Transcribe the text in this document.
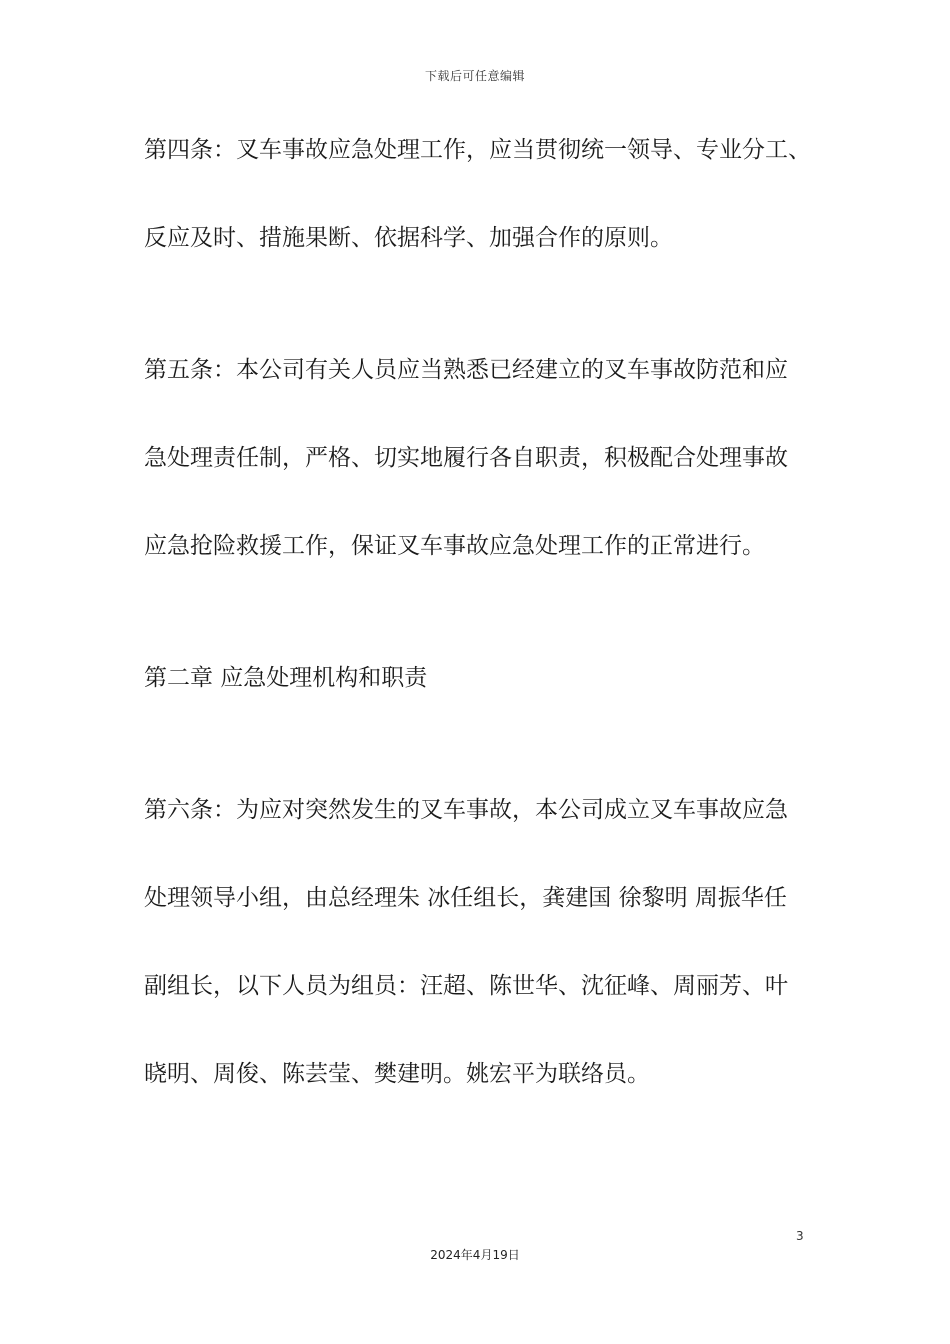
下载后可任意编辑
第四条：叉车事故应急处理工作，应当贯彻统一领导、专业分工、
反应及时、措施果断、依据科学、加强合作的原则。
第五条：本公司有关人员应当熟悉已经建立的叉车事故防范和应
急处理责任制，严格、切实地履行各自职责，积极配合处理事故
应急抢险救援工作，保证叉车事故应急处理工作的正常进行。
第二章 应急处理机构和职责
第六条：为应对突然发生的叉车事故，本公司成立叉车事故应急
处理领导小组，由总经理朱 冰任组长，龚建国 徐黎明 周振华任
副组长，以下人员为组员：汪超、陈世华、沈征峰、周丽芳、叶
晓明、周俊、陈芸莹、樊建明。姚宏平为联络员。
3
2024年4月19日
